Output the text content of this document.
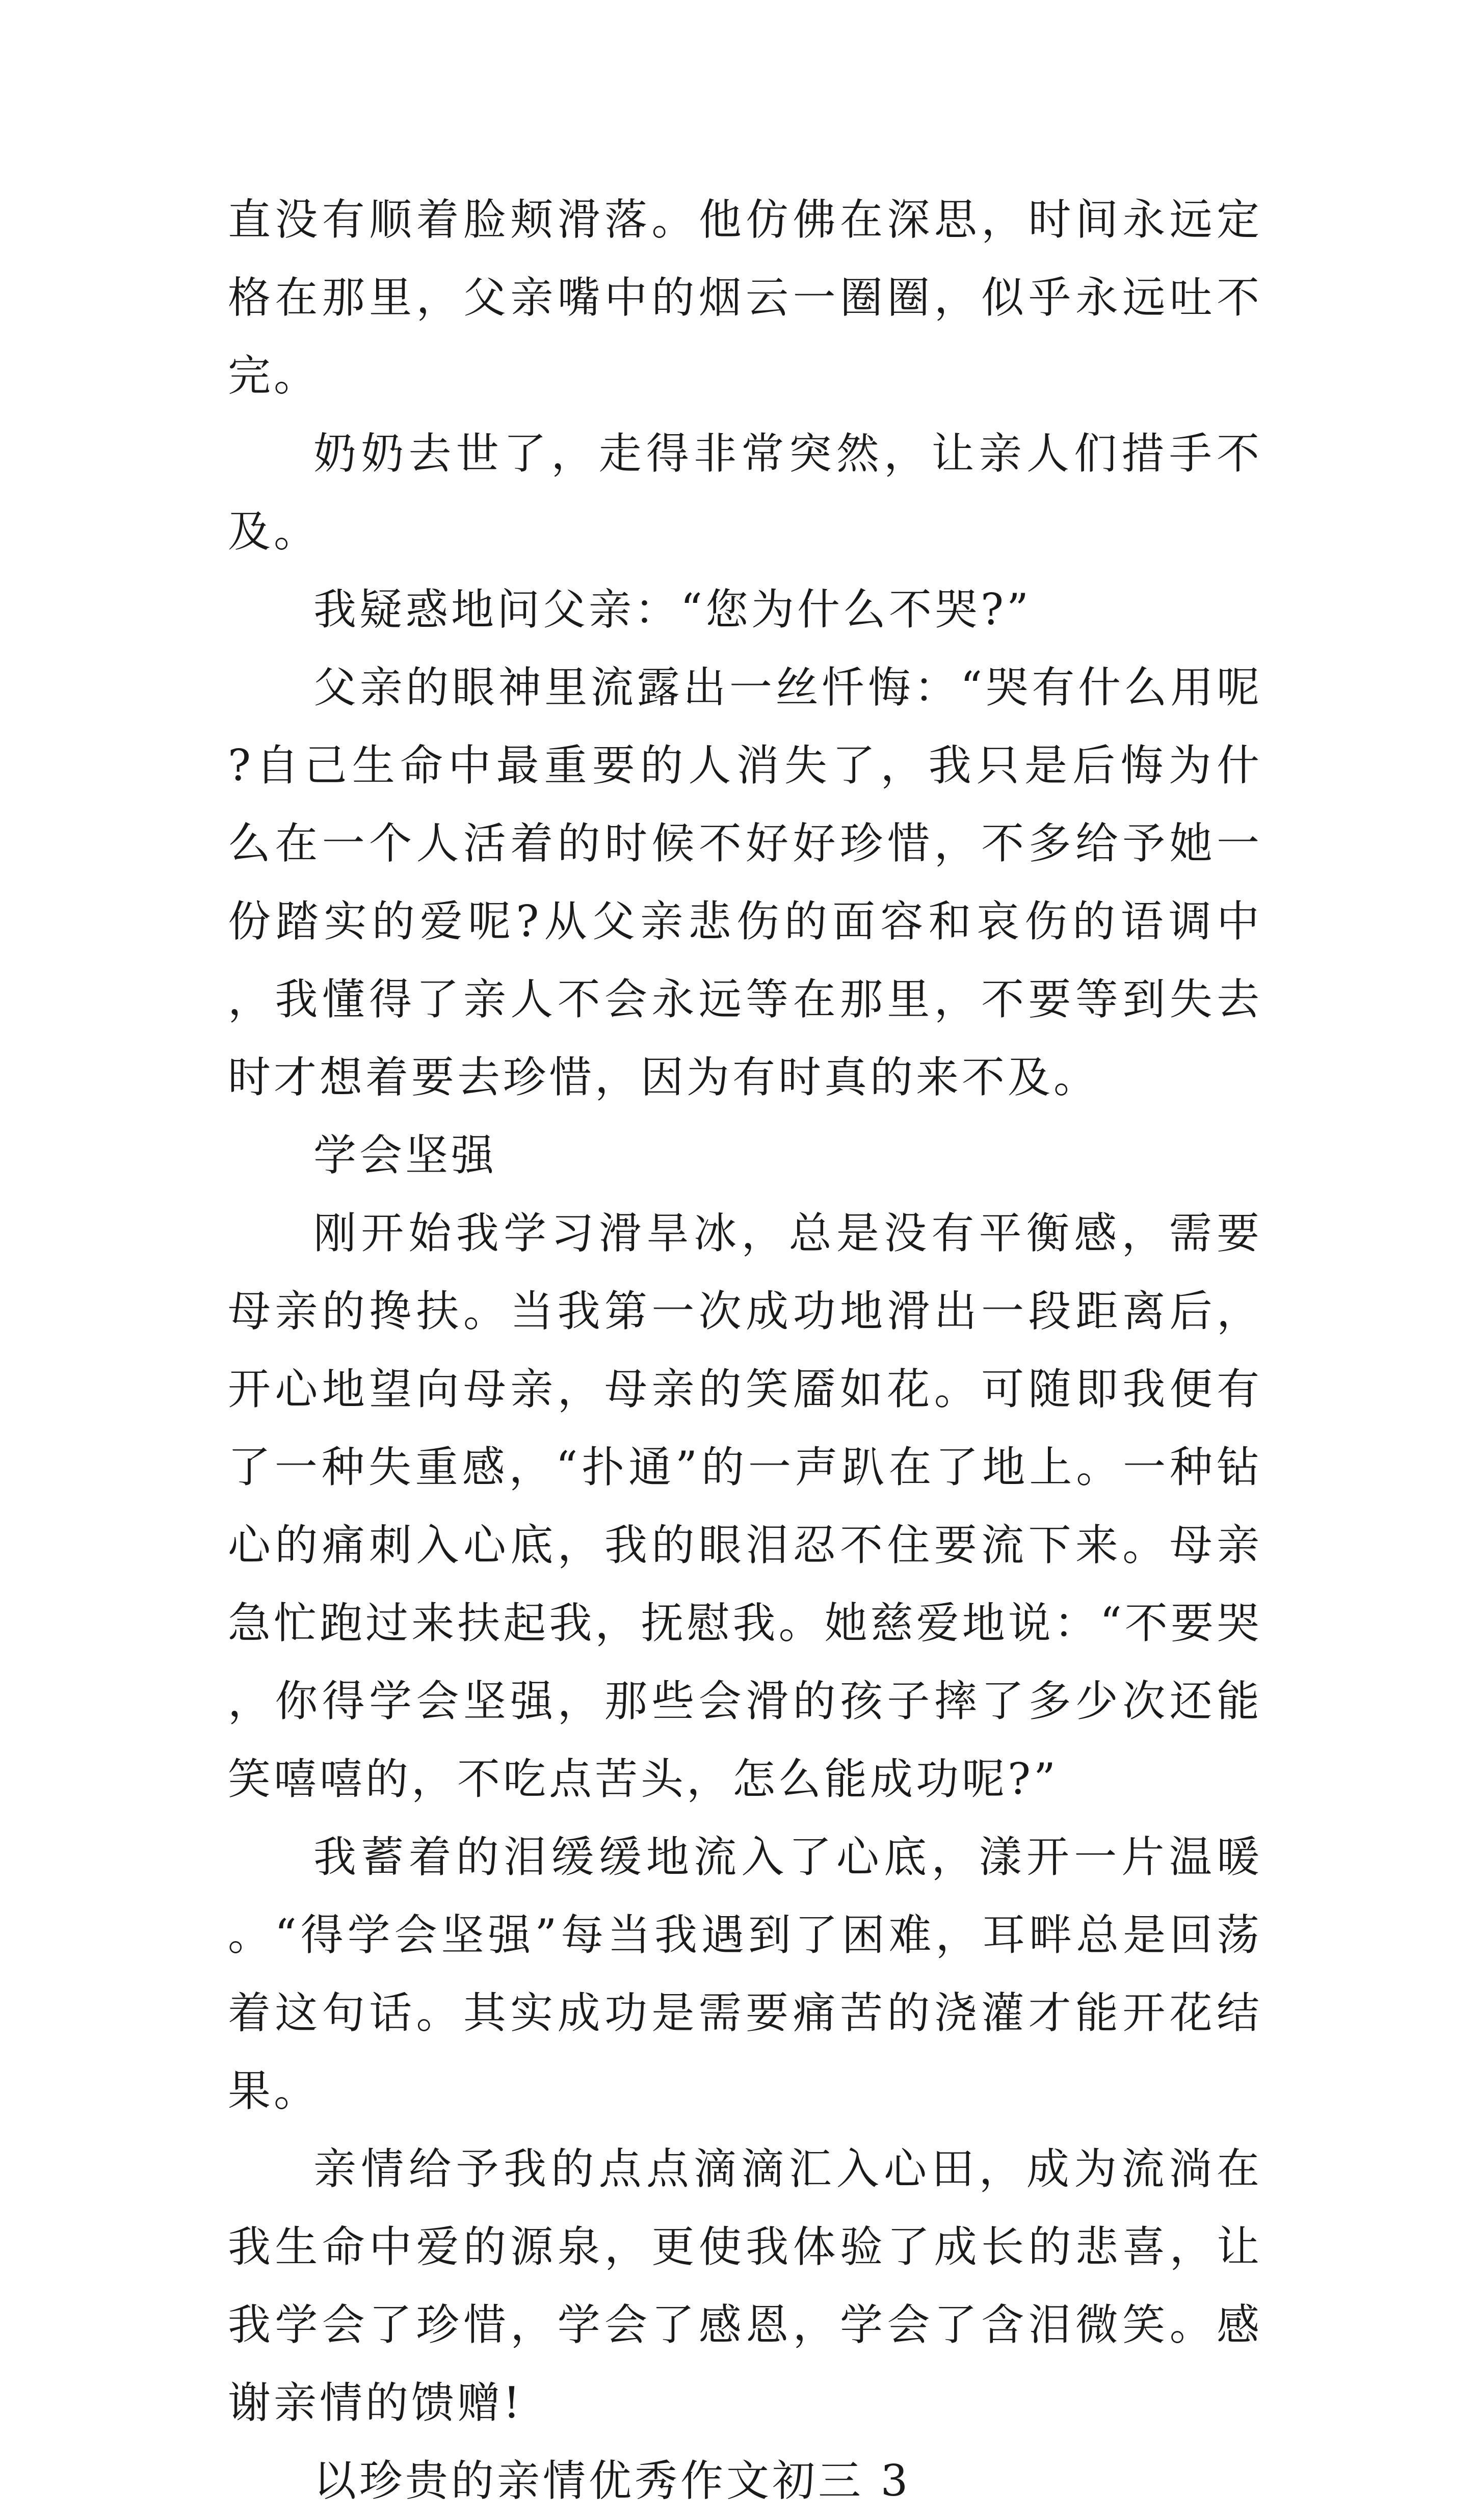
直没有顺着脸颊滑落。他仿佛在深思，时间永远定格在那里，父亲嘴中的烟云一圈圈，似乎永远吐不完。

奶奶去世了，走得非常突然，让亲人们措手不及。

我疑惑地问父亲：“您为什么不哭?”

父亲的眼神里流露出一丝忏悔：“哭有什么用呢?自己生命中最重要的人消失了，我只是后悔为什么在一个人活着的时候不好好珍惜，不多给予她一份踏实的爱呢?从父亲悲伤的面容和哀伤的语调中，我懂得了亲人不会永远等在那里，不要等到失去时才想着要去珍惜，因为有时真的来不及。

学会坚强

刚开始我学习滑旱冰，总是没有平衡感，需要母亲的搀扶。当我第一次成功地滑出一段距离后，开心地望向母亲，母亲的笑靥如花。可随即我便有了一种失重感，“扑通”的一声趴在了地上。一种钻心的痛刺入心底，我的眼泪忍不住要流下来。母亲急忙跑过来扶起我，抚慰我。她慈爱地说：“不要哭，你得学会坚强，那些会滑的孩子摔了多少次还能笑嘻嘻的，不吃点苦头，怎么能成功呢?”

我蓄着的泪缓缓地流入了心底，漾开一片温暖。“得学会坚强”每当我遇到了困难，耳畔总是回荡着这句话。其实成功是需要痛苦的浇灌才能开花结果。

亲情给予我的点点滴滴汇入心田，成为流淌在我生命中爱的源泉，更使我体验了成长的悲喜，让我学会了珍惜，学会了感恩，学会了含泪微笑。感谢亲情的馈赠!

以珍贵的亲情优秀作文初三 3
